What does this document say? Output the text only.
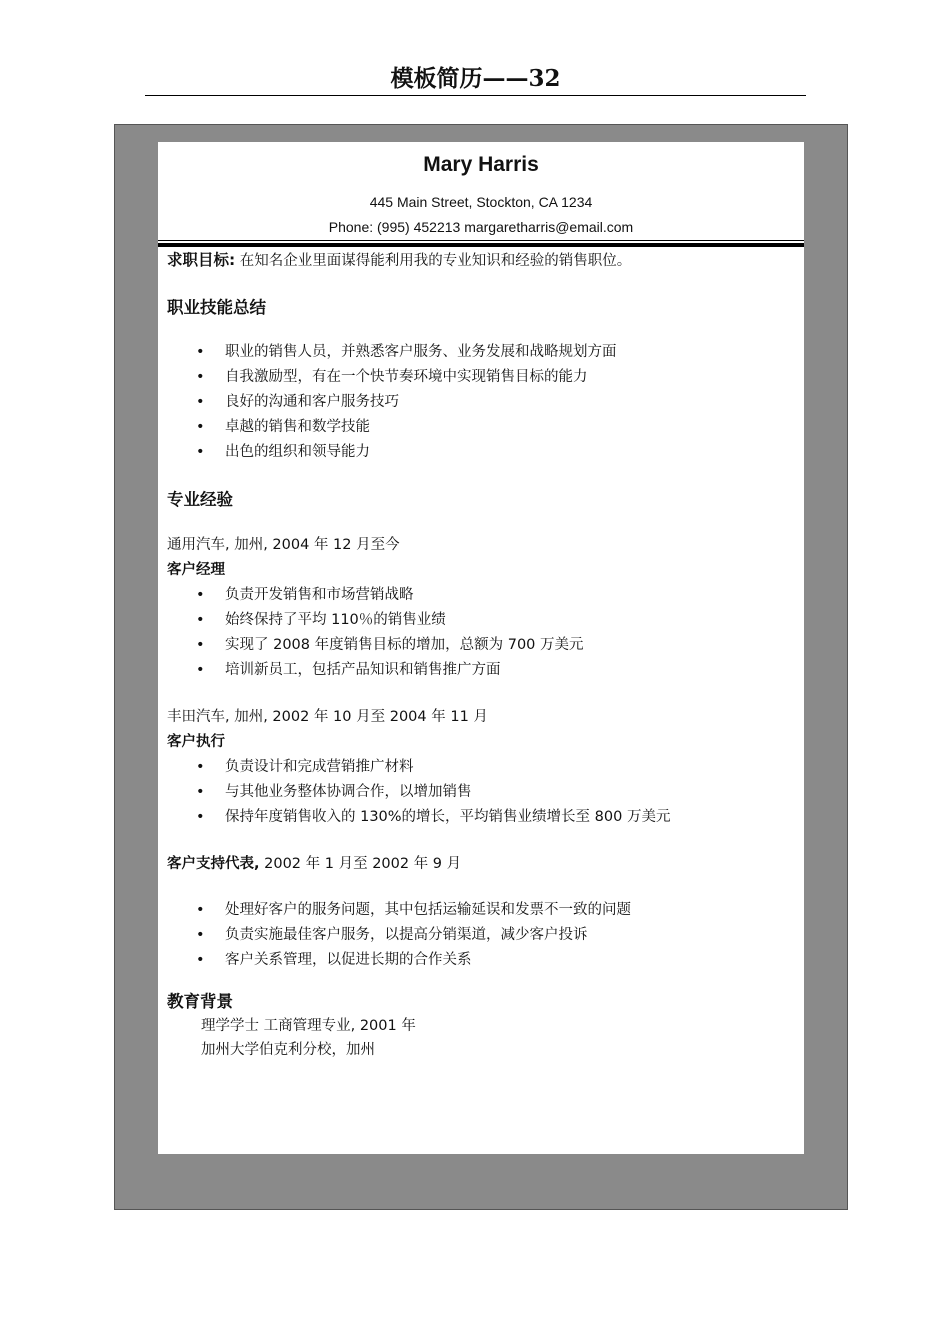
模板简历——32
Mary Harris
445 Main Street, Stockton, CA 1234
Phone: (995) 452213 margaretharris@email.com

求职目标: 在知名企业里面谋得能利用我的专业知识和经验的销售职位。

职业技能总结
• 职业的销售人员，并熟悉客户服务、业务发展和战略规划方面
• 自我激励型，有在一个快节奏环境中实现销售目标的能力
• 良好的沟通和客户服务技巧
• 卓越的销售和数学技能
• 出色的组织和领导能力
专业经验

通用汽车, 加州, 2004 年 12 月至今

客户经理

• 负责开发销售和市场营销战略
• 始终保持了平均 110％的销售业绩
• 实现了 2008 年度销售目标的增加，总额为 700 万美元
• 培训新员工，包括产品知识和销售推广方面

丰田汽车, 加州, 2002 年 10 月至 2004 年 11 月

客户执行

• 负责设计和完成营销推广材料
• 与其他业务整体协调合作，以增加销售
• 保持年度销售收入的 130%的增长，平均销售业绩增长至 800 万美元

客户支持代表, 2002 年 1 月至 2002 年 9 月

• 处理好客户的服务问题，其中包括运输延误和发票不一致的问题
• 负责实施最佳客户服务，以提高分销渠道，减少客户投诉
• 客户关系管理，以促进长期的合作关系
教育背景

理学学士 工商管理专业, 2001 年

加州大学伯克利分校，加州
